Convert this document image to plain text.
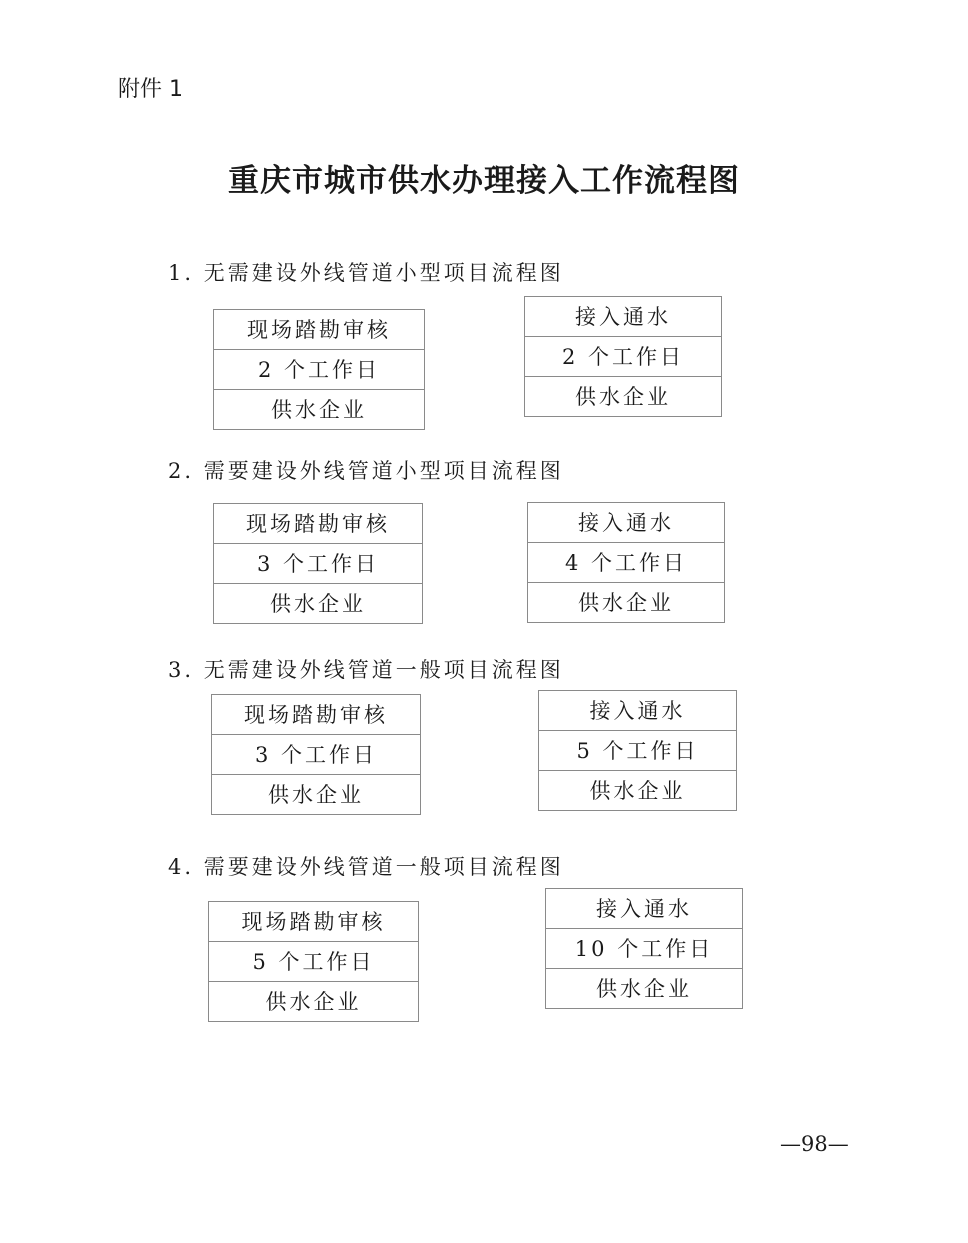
附件 1
重庆市城市供水办理接入工作流程图
1. 无需建设外线管道小型项目流程图
现场踏勘审核
2 个工作日
供水企业
接入通水
2 个工作日
供水企业
2. 需要建设外线管道小型项目流程图
现场踏勘审核
3 个工作日
供水企业
接入通水
4 个工作日
供水企业
3. 无需建设外线管道一般项目流程图
现场踏勘审核
3 个工作日
供水企业
接入通水
5 个工作日
供水企业
4. 需要建设外线管道一般项目流程图
现场踏勘审核
5 个工作日
供水企业
接入通水
10 个工作日
供水企业
—98—
